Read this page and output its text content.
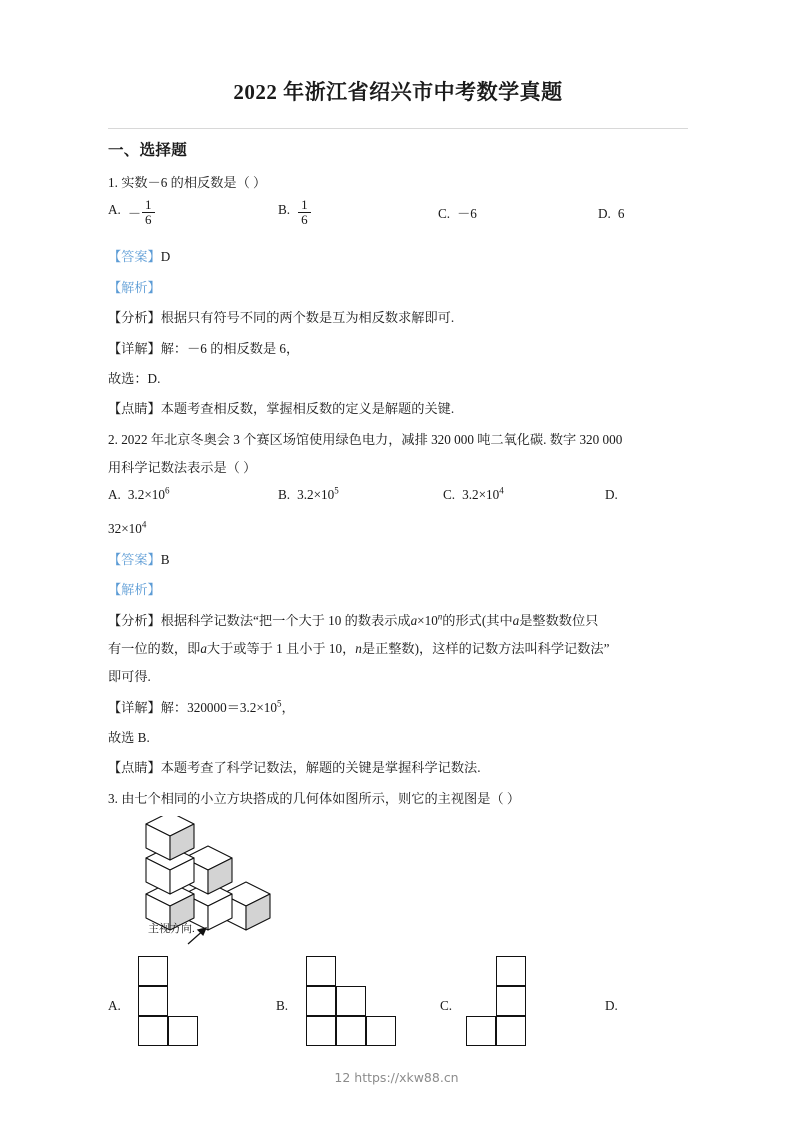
2022 年浙江省绍兴市中考数学真题
一、选择题
1. 实数－6 的相反数是（ ）
A. － $\frac{1}{6}$	B. $\frac{1}{6}$	C. －6	D. 6
【答案】D
【解析】
【分析】根据只有符号不同的两个数是互为相反数求解即可.
【详解】解：－6 的相反数是 6，
故选：D.
【点睛】本题考查相反数，掌握相反数的定义是解题的关键.
2. 2022 年北京冬奥会 3 个赛区场馆使用绿色电力，减排 320 000 吨二氧化碳. 数字 320 000
用科学记数法表示是（ ）
A. $3.2\times 10^6$	B. $3.2\times 10^5$	C. $3.2\times 10^4$	D.
$32\times 10^4$
【答案】B
【解析】
【分析】根据科学记数法“把一个大于 10 的数表示成$a\times 10^n$的形式(其中a是整数数位只
有一位的数，即a大于或等于 1 且小于 10，n是正整数)，这样的记数方法叫科学记数法”
即可得.
【详解】解：$320000=3.2\times 10^5$，
故选 B.
【点睛】本题考查了科学记数法，解题的关键是掌握科学记数法.
3. 由七个相同的小立方块搭成的几何体如图所示，则它的主视图是（ ）
主视方向.
A.	B.	C.	D.
12 https://xkw88.cn
